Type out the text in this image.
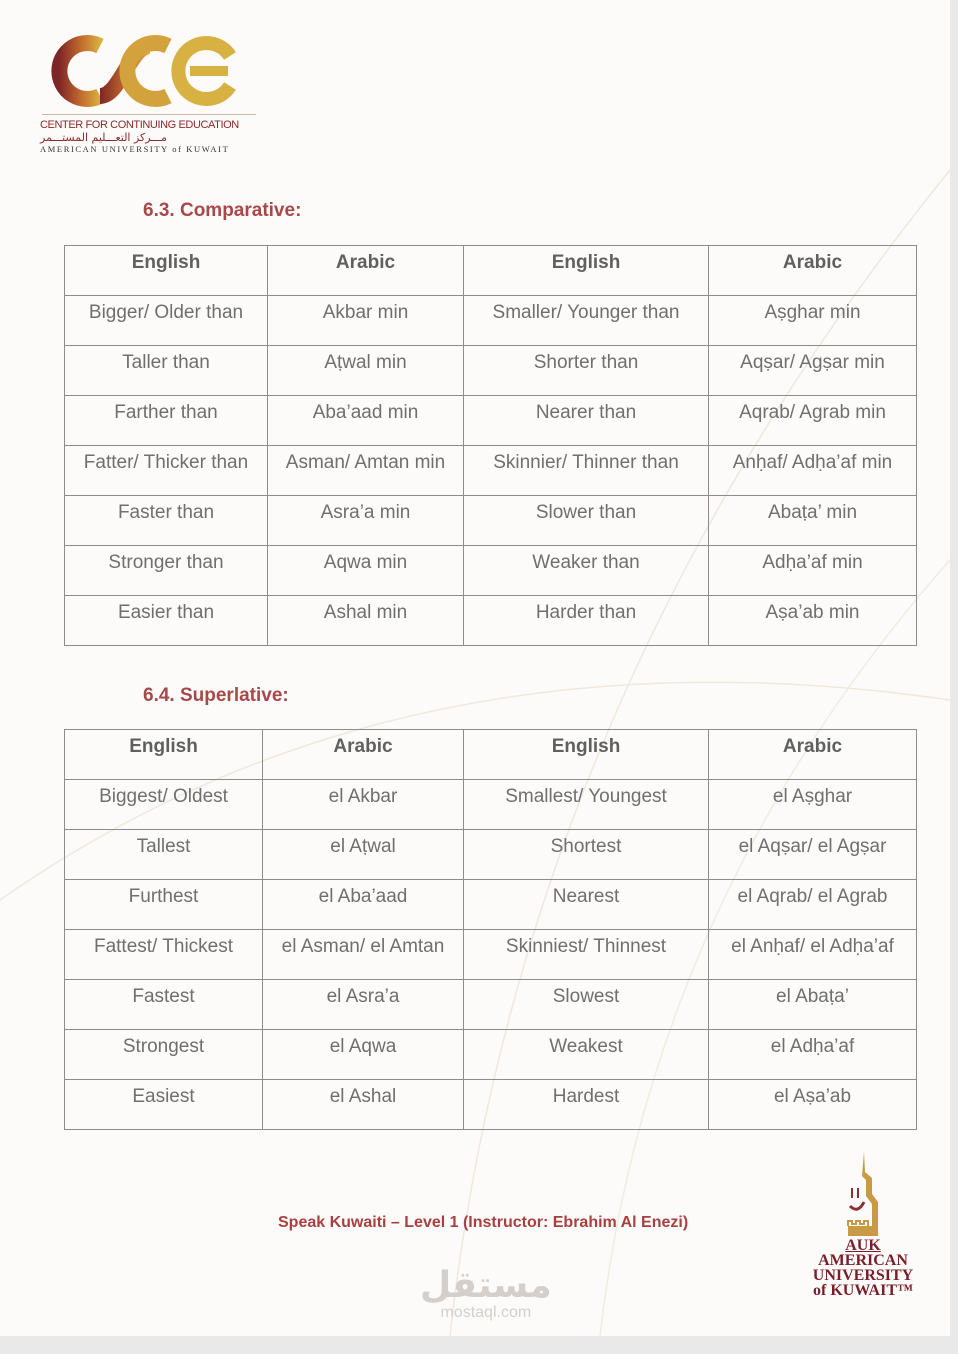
CENTER FOR CONTINUING EDUCATION
مـــركز التعـــليم المستـــمر
AMERICAN UNIVERSITY of KUWAIT
6.3. Comparative:
English	Arabic	English	Arabic
Bigger/ Older than	Akbar min	Smaller/ Younger than	Aṣghar min
Taller than	Aṭwal min	Shorter than	Aqṣar/ Agṣar min
Farther than	Aba’aad min	Nearer than	Aqrab/ Agrab min
Fatter/ Thicker than	Asman/ Amtan min	Skinnier/ Thinner than	Anḥaf/ Adḥa’af min
Faster than	Asra’a min	Slower than	Abaṭa’ min
Stronger than	Aqwa min	Weaker than	Adḥa’af min
Easier than	Ashal min	Harder than	Aṣa’ab min
6.4. Superlative:
English	Arabic	English	Arabic
Biggest/ Oldest	el Akbar	Smallest/ Youngest	el Aṣghar
Tallest	el Aṭwal	Shortest	el Aqṣar/ el Agṣar
Furthest	el Aba’aad	Nearest	el Aqrab/ el Agrab
Fattest/ Thickest	el Asman/ el Amtan	Skinniest/ Thinnest	el Anḥaf/ el Adḥa’af
Fastest	el Asra’a	Slowest	el Abaṭa’
Strongest	el Aqwa	Weakest	el Adḥa’af
Easiest	el Ashal	Hardest	el Aṣa’ab
Speak Kuwaiti – Level 1 (Instructor: Ebrahim Al Enezi)
مستقل
mostaql.com
AUK
AMERICAN
UNIVERSITY
of KUWAIT™
